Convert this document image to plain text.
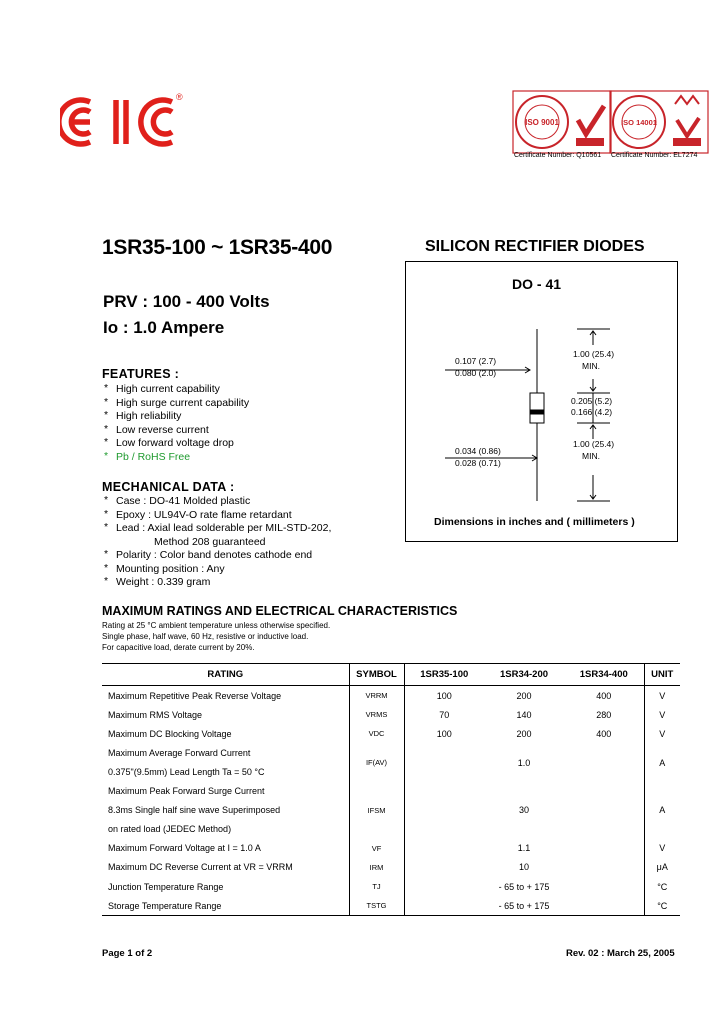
®
ISO 9001	ISO 14001
Certificate Number: Q10561 Certificate Number: EL7274
1SR35-100 ~ 1SR35-400	SILICON RECTIFIER DIODES
PRV : 100 - 400 Volts
Io : 1.0 Ampere
FEATURES :
* High current capability
* High surge current capability
* High reliability
* Low reverse current
* Low forward voltage drop
* Pb / RoHS Free
MECHANICAL DATA :
* Case : DO-41 Molded plastic
* Epoxy : UL94V-O rate flame retardant
* Lead : Axial lead solderable per MIL-STD-202,
Method 208 guaranteed
* Polarity : Color band denotes cathode end
* Mounting position : Any
* Weight : 0.339 gram
DO - 41
1.00 (25.4)
MIN.
0.107 (2.7)
0.080 (2.0)
0.205 (5.2)
0.166 (4.2)
0.034 (0.86)
0.028 (0.71)
1.00 (25.4)
MIN.
Dimensions in inches and ( millimeters )
MAXIMUM RATINGS AND ELECTRICAL CHARACTERISTICS
Rating at 25 °C ambient temperature unless otherwise specified.
Single phase, half wave, 60 Hz, resistive or inductive load.
For capacitive load, derate current by 20%.
RATING	SYMBOL	1SR35-100	1SR34-200	1SR34-400	UNIT
Maximum Repetitive Peak Reverse Voltage	VRRM	100	200	400	V
Maximum RMS Voltage	VRMS	70	140	280	V
Maximum DC Blocking Voltage	VDC	100	200	400	V

Maximum Average Forward Current
0.375"(9.5mm) Lead Length Ta = 50 °C	IF(AV)	1.0			A

Maximum Peak Forward Surge Current
8.3ms Single half sine wave Superimposed
on rated load (JEDEC Method)	IFSM	30			A
Maximum Forward Voltage at I = 1.0 A	VF	1.1			V
Maximum DC Reverse Current at VR = VRRM	IRM	10			μA
Junction Temperature Range	TJ	- 65 to + 175			°C
Storage Temperature Range	TSTG	- 65 to + 175			°C
Page 1 of 2	Rev. 02 : March 25, 2005
